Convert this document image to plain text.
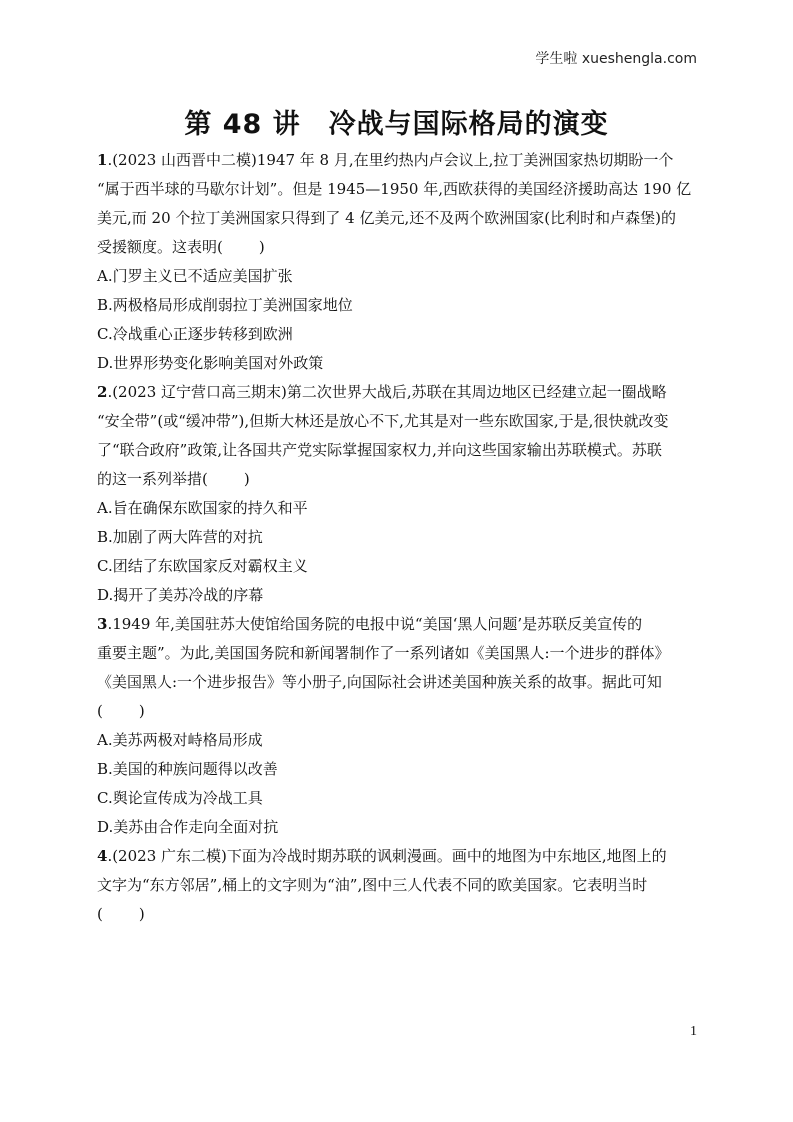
学生啦 xueshengla.com
第 48 讲　冷战与国际格局的演变
1.(2023 山西晋中二模)1947 年 8 月,在里约热内卢会议上,拉丁美洲国家热切期盼一个
“属于西半球的马歇尔计划”。但是 1945—1950 年,西欧获得的美国经济援助高达 190 亿
美元,而 20 个拉丁美洲国家只得到了 4 亿美元,还不及两个欧洲国家(比利时和卢森堡)的
受援额度。这表明( )
A.门罗主义已不适应美国扩张
B.两极格局形成削弱拉丁美洲国家地位
C.冷战重心正逐步转移到欧洲
D.世界形势变化影响美国对外政策
2.(2023 辽宁营口高三期末)第二次世界大战后,苏联在其周边地区已经建立起一圈战略
“安全带”(或“缓冲带”),但斯大林还是放心不下,尤其是对一些东欧国家,于是,很快就改变
了“联合政府”政策,让各国共产党实际掌握国家权力,并向这些国家输出苏联模式。苏联
的这一系列举措( )
A.旨在确保东欧国家的持久和平
B.加剧了两大阵营的对抗
C.团结了东欧国家反对霸权主义
D.揭开了美苏冷战的序幕
3.1949 年,美国驻苏大使馆给国务院的电报中说“美国‘黑人问题’是苏联反美宣传的
重要主题”。为此,美国国务院和新闻署制作了一系列诸如《美国黑人:一个进步的群体》
《美国黑人:一个进步报告》等小册子,向国际社会讲述美国种族关系的故事。据此可知
( )
A.美苏两极对峙格局形成
B.美国的种族问题得以改善
C.舆论宣传成为冷战工具
D.美苏由合作走向全面对抗
4.(2023 广东二模)下面为冷战时期苏联的讽刺漫画。画中的地图为中东地区,地图上的
文字为“东方邻居”,桶上的文字则为“油”,图中三人代表不同的欧美国家。它表明当时
( )
1
